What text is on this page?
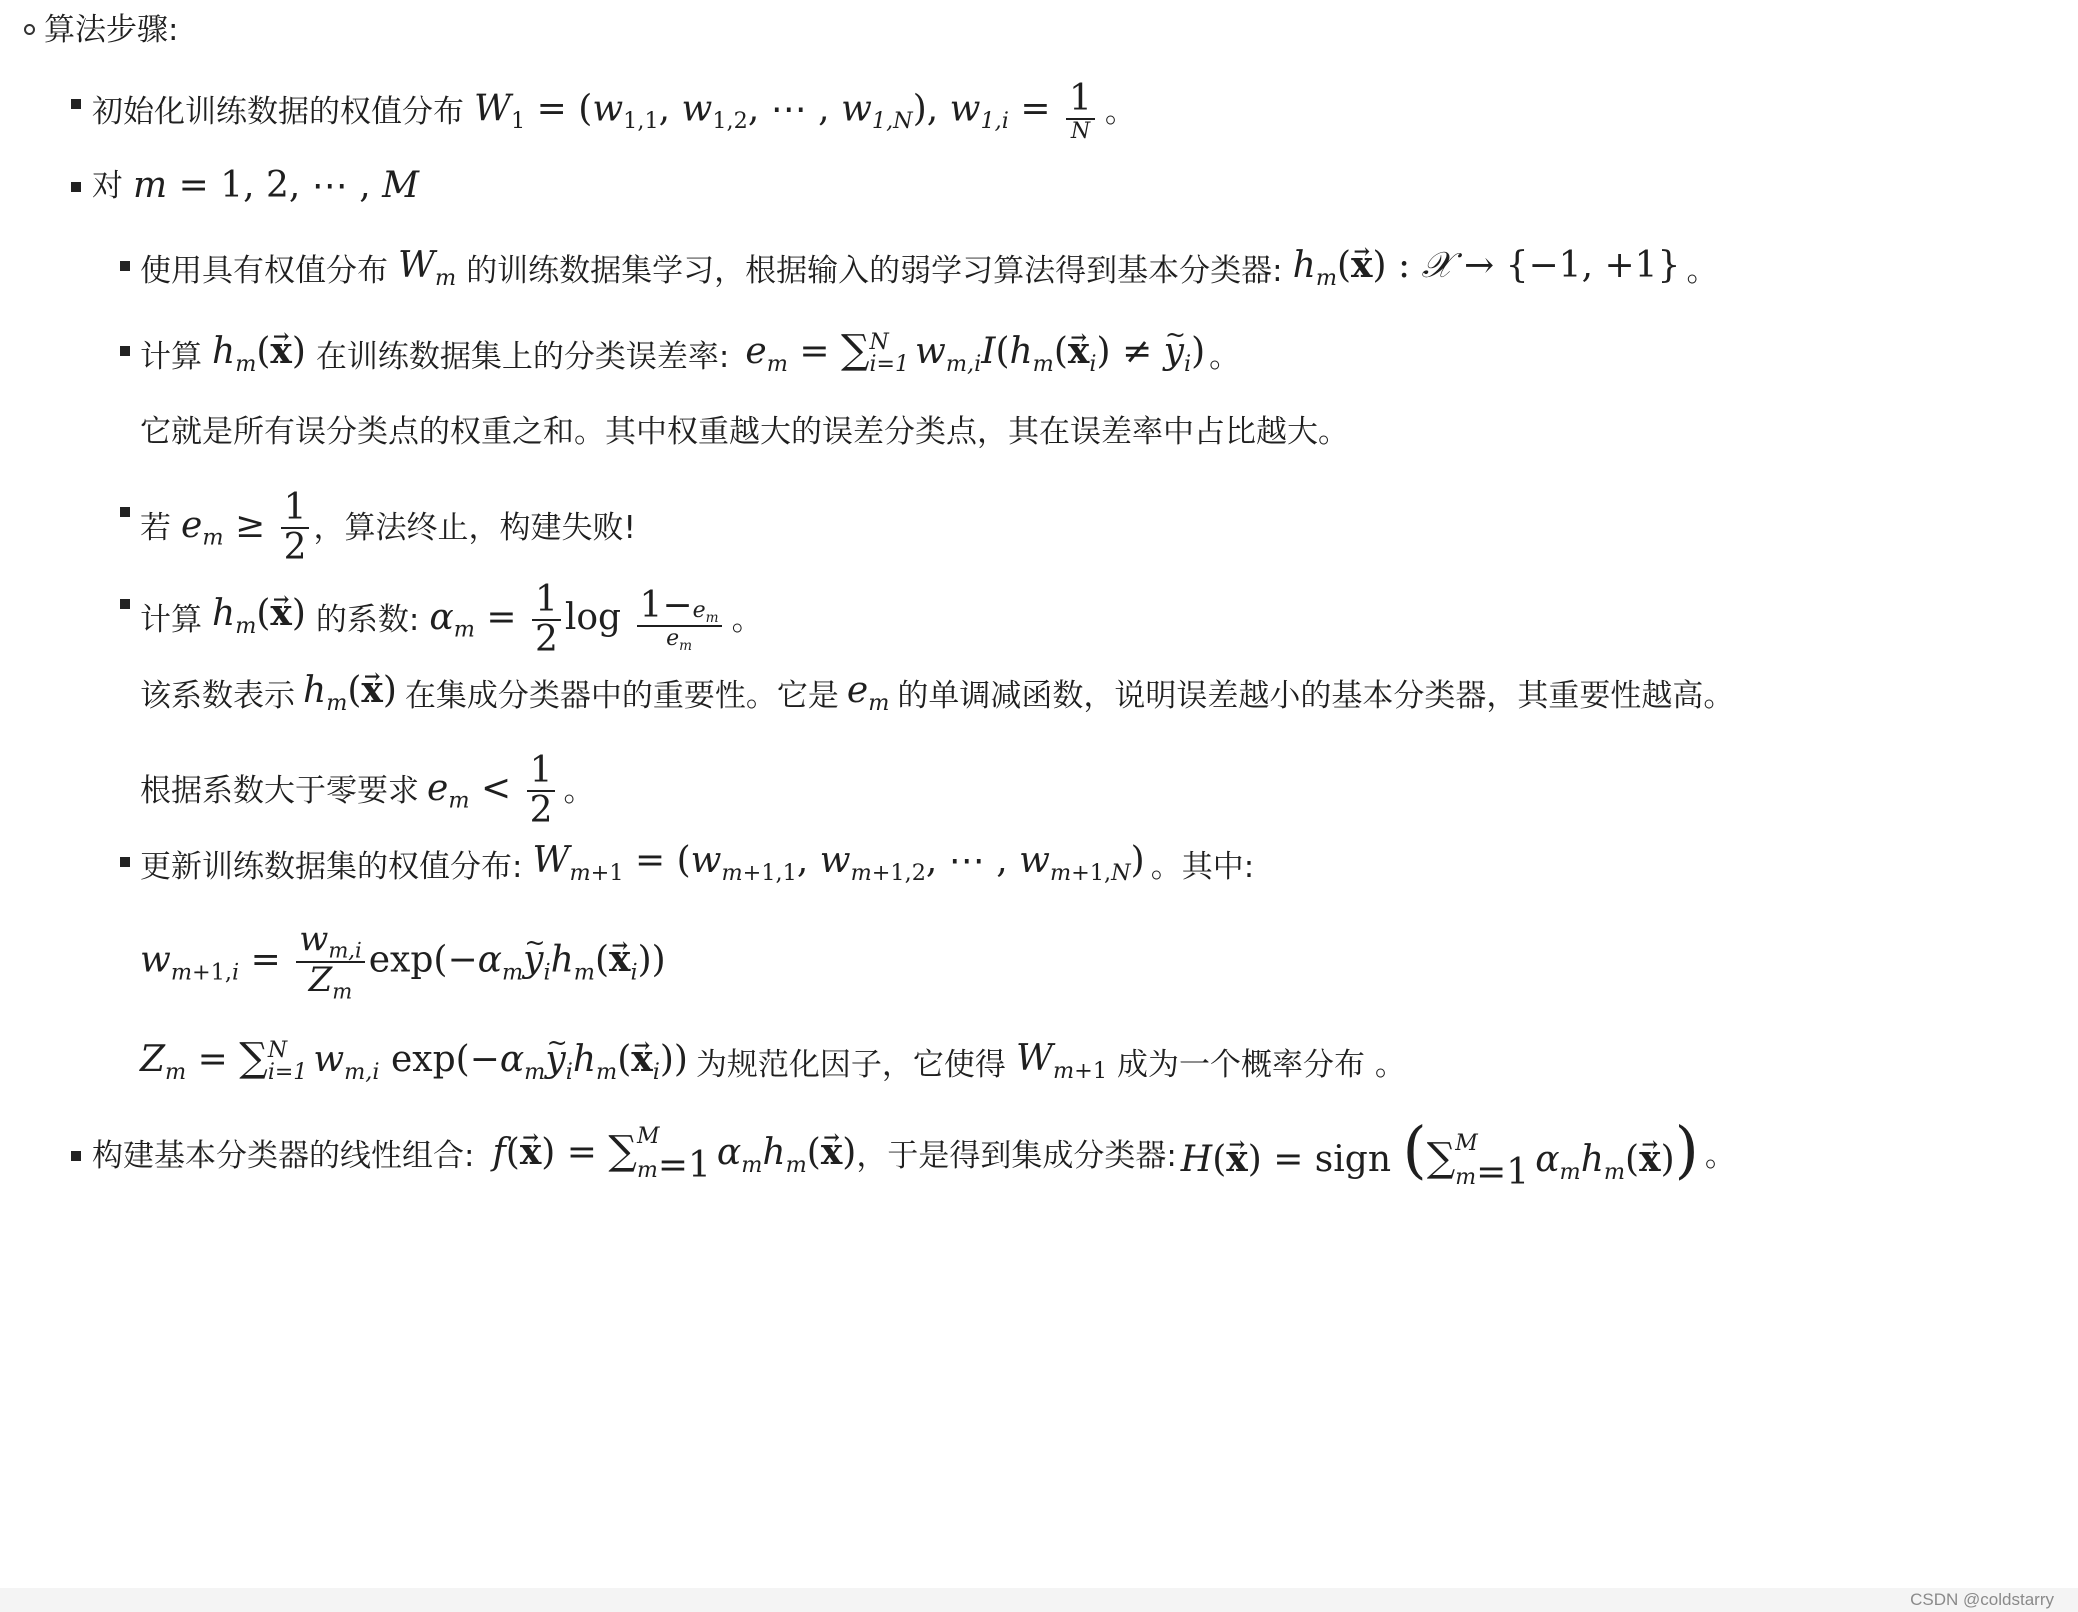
算法步骤:
初始化训练数据的权值分布 $W_1 = (w_{1,1}$, $w_{1,2}$, ⋯ , $w_{1,N}$), $w_{1,i} = \frac{1}{N}$ 。
对 m = 1, 2, ⋯ , M
使用具有权值分布 $W_m$ 的训练数据集学习，根据输入的弱学习算法得到基本分类器: $h_m(\to x)$ : 𝒳 → {−1, +1} 。
计算 $h_m(\to x)$ 在训练数据集上的分类误差率: $e_m$ = ∑ N
i=1 $w_{m,i}I(h_m(\to x_i)$ ≠ ~ $y_i$) 。
它就是所有误分类点的权重之和。其中权重越大的误差分类点，其在误差率中占比越大。
若 $e_m \ge \frac{1}{2}$ ，算法终止，构建失败!
计算 $h_m(\to x)$ 的系数: $\alpha_m = \frac{1}{2}$ $\log \frac{1-e_m}{e_m}$ 。
该系数表示 $h_m(\to x)$ 在集成分类器中的重要性。它是 $e_m$ 的单调减函数，说明误差越小的基本分类器，其重要性越高。
根据系数大于零要求 $e_m < \frac{1}{2}$ 。
更新训练数据集的权值分布: $W_{m+1} = (w_{m+1,1}$, $w_{m+1,2}$, ⋯ , $w_{m+1,N}$) 。其中:
$w_{m+1,i} = \frac{w_{m,i}}{Z_m}$ $\exp(-\alpha_m\sim$ $y_ih_m(\to x_i)$)
$Z_m$ = ∑ N
i=1 $w_{m,i}$ $\exp(-\alpha_m\sim$ $y_ih_m(\to x_i)$) 为规范化因子，它使得 $W_{m+1}$ 成为一个概率分布 。
构建基本分类器的线性组合: f(→ x) = ∑ M
m=1 $\alpha_mh_m(\to x)$ ，于是得到集成分类器: H(→ x) = sign (∑ M
m=1 $\alpha_mh_m(\to x)$) 。
CSDN @coldstarry
